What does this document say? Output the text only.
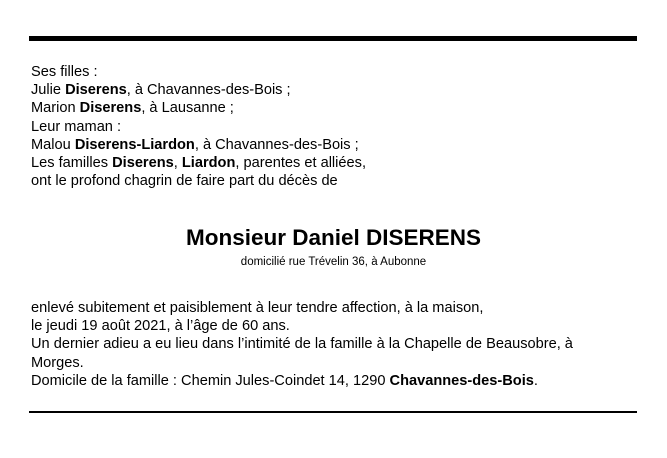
Ses filles :
Julie Diserens, à Chavannes-des-Bois ;
Marion Diserens, à Lausanne ;
Leur maman :
Malou Diserens-Liardon, à Chavannes-des-Bois ;
Les familles Diserens, Liardon, parentes et alliées,
ont le profond chagrin de faire part du décès de
Monsieur Daniel DISERENS
domicilié rue Trévelin 36, à Aubonne
enlevé subitement et paisiblement à leur tendre affection, à la maison,
le jeudi 19 août 2021, à l’âge de 60 ans.
Un dernier adieu a eu lieu dans l’intimité de la famille à la Chapelle de Beausobre, à
Morges.
Domicile de la famille : Chemin Jules-Coindet 14, 1290 Chavannes-des-Bois.
